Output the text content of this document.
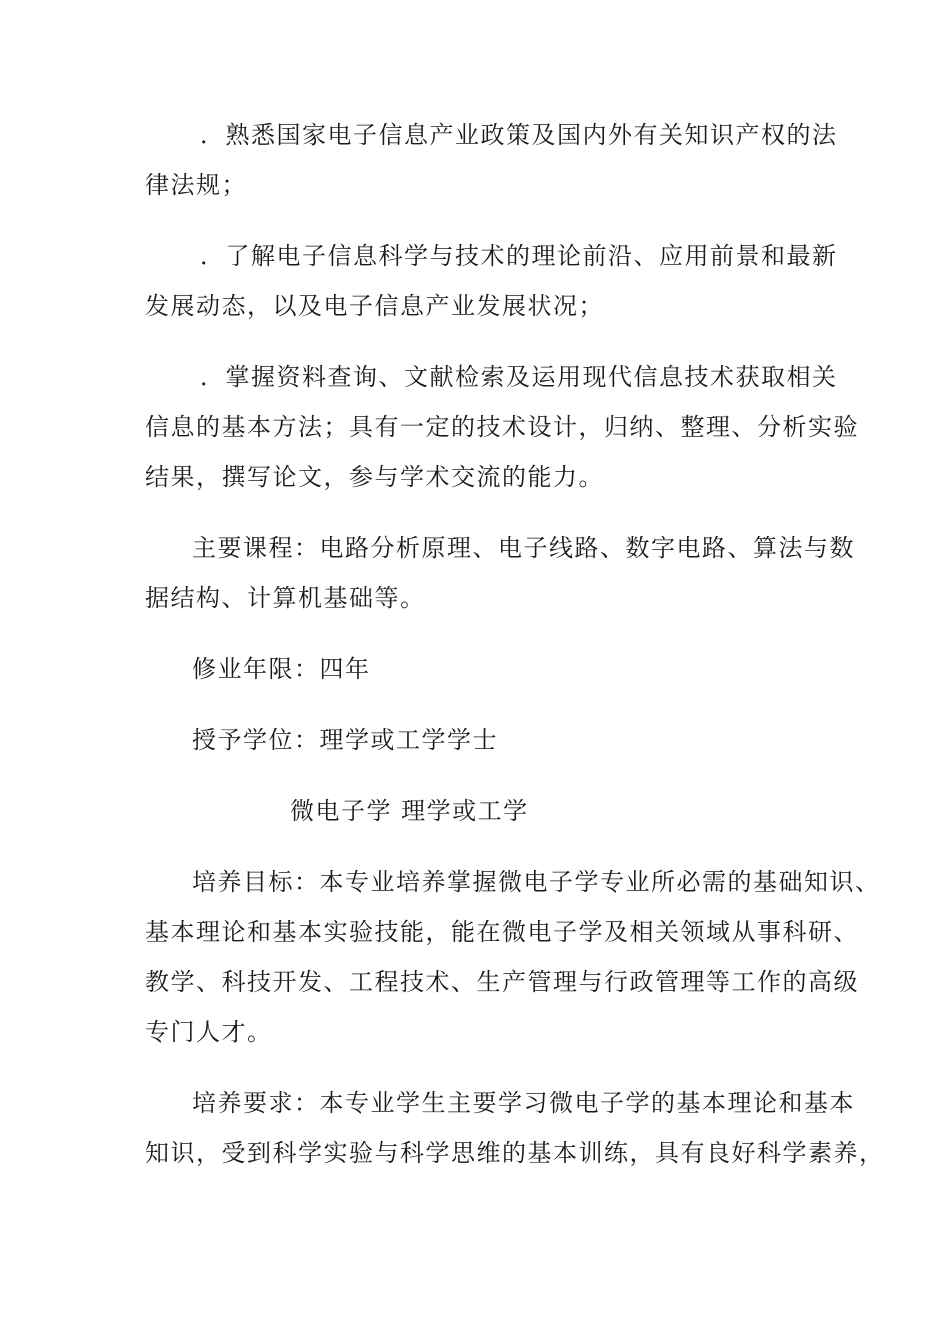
．熟悉国家电子信息产业政策及国内外有关知识产权的法
律法规；
．了解电子信息科学与技术的理论前沿、应用前景和最新
发展动态，以及电子信息产业发展状况；
．掌握资料查询、文献检索及运用现代信息技术获取相关
信息的基本方法；具有一定的技术设计，归纳、整理、分析实验
结果，撰写论文，参与学术交流的能力。
主要课程：电路分析原理、电子线路、数字电路、算法与数
据结构、计算机基础等。
修业年限：四年
授予学位：理学或工学学士
微电子学 理学或工学
培养目标：本专业培养掌握微电子学专业所必需的基础知识、
基本理论和基本实验技能，能在微电子学及相关领域从事科研、
教学、科技开发、工程技术、生产管理与行政管理等工作的高级
专门人才。
培养要求：本专业学生主要学习微电子学的基本理论和基本
知识，受到科学实验与科学思维的基本训练，具有良好科学素养，
